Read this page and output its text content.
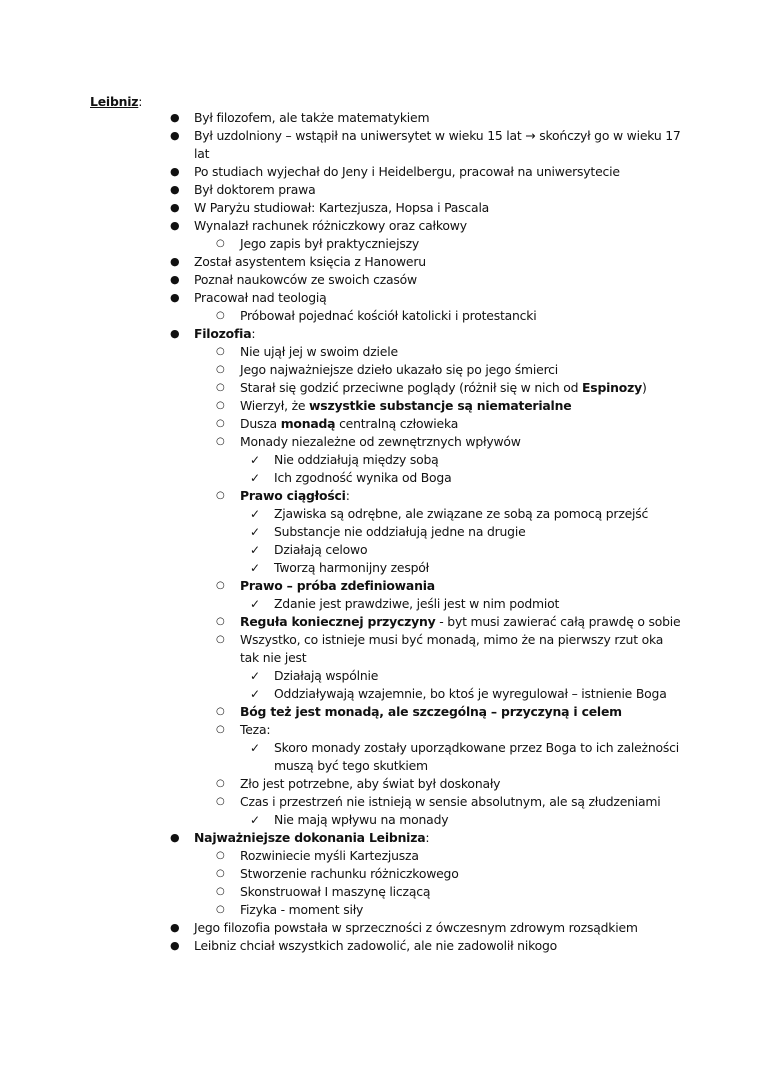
Leibniz:
● Był filozofem, ale także matematykiem
● Był uzdolniony – wstąpił na uniwersytet w wieku 15 lat → skończył go w wieku 17
lat
● Po studiach wyjechał do Jeny i Heidelbergu, pracował na uniwersytecie
● Był doktorem prawa
● W Paryżu studiował: Kartezjusza, Hopsa i Pascala
● Wynalazł rachunek różniczkowy oraz całkowy
○ Jego zapis był praktyczniejszy
● Został asystentem księcia z Hanoweru
● Poznał naukowców ze swoich czasów
● Pracował nad teologią
○ Próbował pojednać kościół katolicki i protestancki
● Filozofia:
○ Nie ujął jej w swoim dziele
○ Jego najważniejsze dzieło ukazało się po jego śmierci
○ Starał się godzić przeciwne poglądy (różnił się w nich od Espinozy)
○ Wierzył, że wszystkie substancje są niematerialne
○ Dusza monadą centralną człowieka
○ Monady niezależne od zewnętrznych wpływów
✓ Nie oddziałują między sobą
✓ Ich zgodność wynika od Boga
○ Prawo ciągłości:
✓ Zjawiska są odrębne, ale związane ze sobą za pomocą przejść
✓ Substancje nie oddziałują jedne na drugie
✓ Działają celowo
✓ Tworzą harmonijny zespół
○ Prawo – próba zdefiniowania
✓ Zdanie jest prawdziwe, jeśli jest w nim podmiot
○ Reguła koniecznej przyczyny - byt musi zawierać całą prawdę o sobie
○ Wszystko, co istnieje musi być monadą, mimo że na pierwszy rzut oka
tak nie jest
✓ Działają wspólnie
✓ Oddziaływają wzajemnie, bo ktoś je wyregulował – istnienie Boga
○ Bóg też jest monadą, ale szczególną – przyczyną i celem
○ Teza:
✓ Skoro monady zostały uporządkowane przez Boga to ich zależności
muszą być tego skutkiem
○ Zło jest potrzebne, aby świat był doskonały
○ Czas i przestrzeń nie istnieją w sensie absolutnym, ale są złudzeniami
✓ Nie mają wpływu na monady
● Najważniejsze dokonania Leibniza:
○ Rozwiniecie myśli Kartezjusza
○ Stworzenie rachunku różniczkowego
○ Skonstruował I maszynę liczącą
○ Fizyka - moment siły
● Jego filozofia powstała w sprzeczności z ówczesnym zdrowym rozsądkiem
● Leibniz chciał wszystkich zadowolić, ale nie zadowolił nikogo
